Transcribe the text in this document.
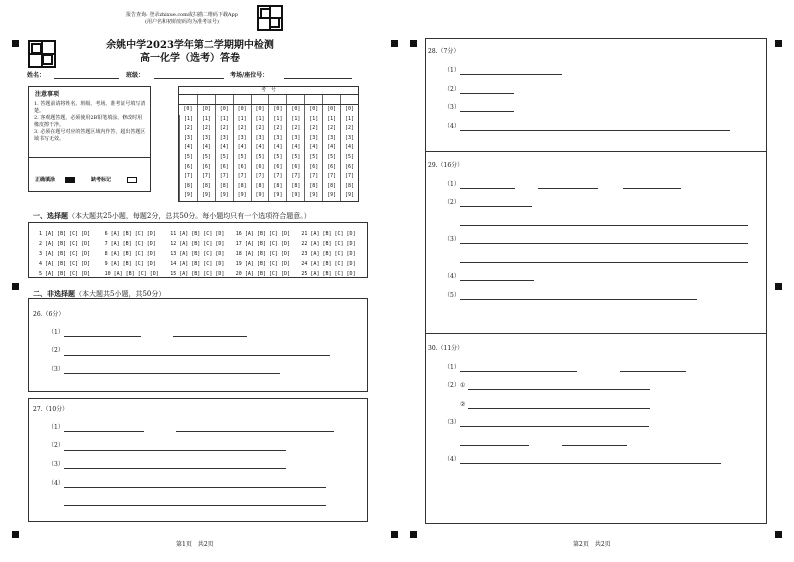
报告查询: 登录zhixue.com或扫描二维码下载App
(用户名和初始密码均为准考证号)
余姚中学2023学年第二学期期中检测
高一化学（选考）答卷
姓名：	班级：	考场/座位号：
注意事项
1. 答题前请将姓名、班级、考场、准考证号填写清楚。
2. 客观题答题，必须使用2B铅笔填涂，修改时用橡皮擦干净。
3. 必须在题号对应的答题区域内作答，超出答题区域书写无效。
正确填涂	缺考标记
考　号
[0]	[0]	[0]	[0]	[0]	[0]	[0]	[0]	[0]	[0]
[1]	[1]	[1]	[1]	[1]	[1]	[1]	[1]	[1]	[1]
[2]	[2]	[2]	[2]	[2]	[2]	[2]	[2]	[2]	[2]
[3]	[3]	[3]	[3]	[3]	[3]	[3]	[3]	[3]	[3]
[4]	[4]	[4]	[4]	[4]	[4]	[4]	[4]	[4]	[4]
[5]	[5]	[5]	[5]	[5]	[5]	[5]	[5]	[5]	[5]
[6]	[6]	[6]	[6]	[6]	[6]	[6]	[6]	[6]	[6]
[7]	[7]	[7]	[7]	[7]	[7]	[7]	[7]	[7]	[7]
[8]	[8]	[8]	[8]	[8]	[8]	[8]	[8]	[8]	[8]
[9]	[9]	[9]	[9]	[9]	[9]	[9]	[9]	[9]	[9]
一、选择题（本大题共25小题，每题2分，总共50分。每小题均只有一个选项符合题意。）
1 [A] [B] [C] [D]	6 [A] [B] [C] [D]	11 [A] [B] [C] [D]	16 [A] [B] [C] [D]	21 [A] [B] [C] [D]
2 [A] [B] [C] [D]	7 [A] [B] [C] [D]	12 [A] [B] [C] [D]	17 [A] [B] [C] [D]	22 [A] [B] [C] [D]
3 [A] [B] [C] [D]	8 [A] [B] [C] [D]	13 [A] [B] [C] [D]	18 [A] [B] [C] [D]	23 [A] [B] [C] [D]
4 [A] [B] [C] [D]	9 [A] [B] [C] [D]	14 [A] [B] [C] [D]	19 [A] [B] [C] [D]	24 [A] [B] [C] [D]
5 [A] [B] [C] [D]	10 [A] [B] [C] [D]	15 [A] [B] [C] [D]	20 [A] [B] [C] [D]	25 [A] [B] [C] [D]
二、非选择题（本大题共5小题，共50分）
26.（6分）
（1）
（2）
（3）
27.（10分）
（1）
（2）
（3）
（4）
第1页　共2页
28.（7分）
（1）
（2）
（3）
（4）
29.（16分）
（1）
（2）
（3）
（4）
（5）
30.（11分）
（1）
（2） ①
②
（3）
（4）
第2页　共2页
